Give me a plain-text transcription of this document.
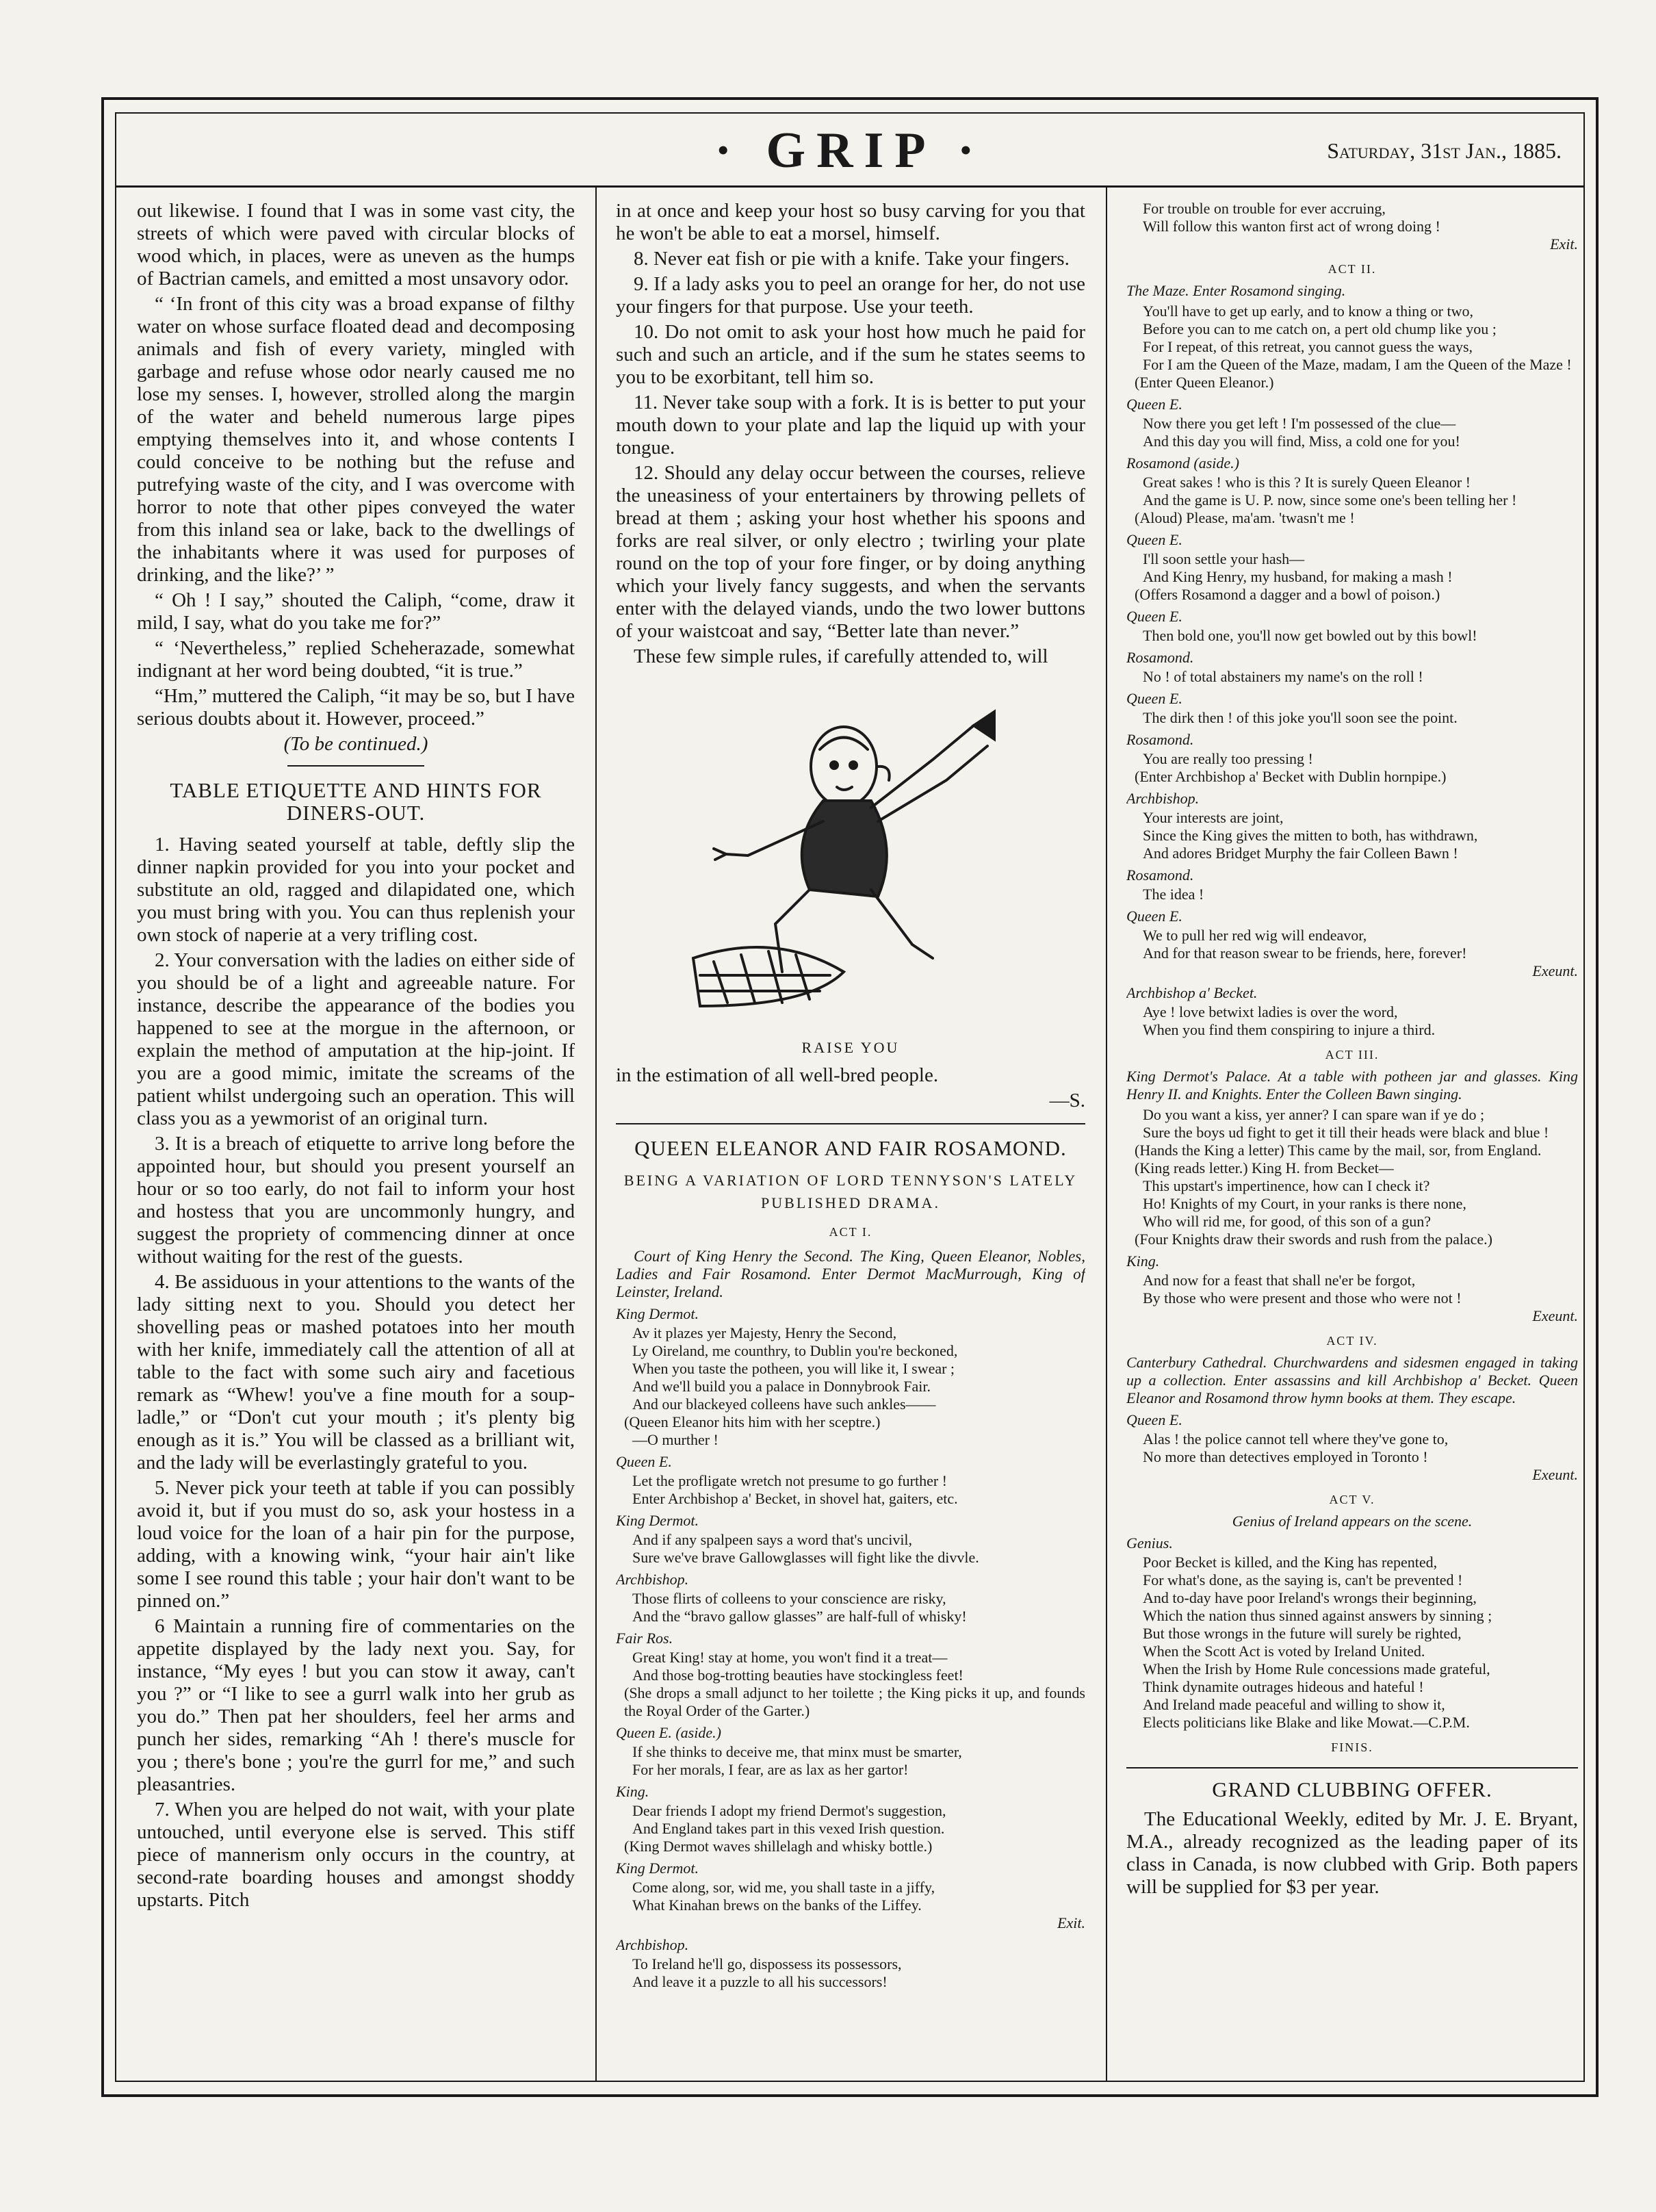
· GRIP ·	Saturday, 31st Jan., 1885.

out likewise. I found that I was in some vast city, the streets of which were paved with circular blocks of wood which, in places, were as uneven as the humps of Bactrian camels, and emitted a most unsavory odor.

“ ‘In front of this city was a broad expanse of filthy water on whose surface floated dead and decomposing animals and fish of every variety, mingled with garbage and refuse whose odor nearly caused me no lose my senses. I, however, strolled along the margin of the water and beheld numerous large pipes emptying themselves into it, and whose contents I could conceive to be nothing but the refuse and putrefying waste of the city, and I was overcome with horror to note that other pipes conveyed the water from this inland sea or lake, back to the dwellings of the inhabitants where it was used for purposes of drinking, and the like?’ ”

“ Oh ! I say,” shouted the Caliph, “come, draw it mild, I say, what do you take me for?”

“ ‘Nevertheless,” replied Scheherazade, somewhat indignant at her word being doubted, “it is true.”

“Hm,” muttered the Caliph, “it may be so, but I have serious doubts about it. However, proceed.”

(To be continued.)

TABLE ETIQUETTE AND HINTS FOR DINERS-OUT.

1. Having seated yourself at table, deftly slip the dinner napkin provided for you into your pocket and substitute an old, ragged and dilapidated one, which you must bring with you. You can thus replenish your own stock of naperie at a very trifling cost.

2. Your conversation with the ladies on either side of you should be of a light and agreeable nature. For instance, describe the appearance of the bodies you happened to see at the morgue in the afternoon, or explain the method of amputation at the hip-joint. If you are a good mimic, imitate the screams of the patient whilst undergoing such an operation. This will class you as a yewmorist of an original turn.

3. It is a breach of etiquette to arrive long before the appointed hour, but should you present yourself an hour or so too early, do not fail to inform your host and hostess that you are uncommonly hungry, and suggest the propriety of commencing dinner at once without waiting for the rest of the guests.

4. Be assiduous in your attentions to the wants of the lady sitting next to you. Should you detect her shovelling peas or mashed potatoes into her mouth with her knife, immediately call the attention of all at table to the fact with some such airy and facetious remark as “Whew! you've a fine mouth for a soup-ladle,” or “Don't cut your mouth ; it's plenty big enough as it is.” You will be classed as a brilliant wit, and the lady will be everlastingly grateful to you.

5. Never pick your teeth at table if you can possibly avoid it, but if you must do so, ask your hostess in a loud voice for the loan of a hair pin for the purpose, adding, with a knowing wink, “your hair ain't like some I see round this table ; your hair don't want to be pinned on.”

6 Maintain a running fire of commentaries on the appetite displayed by the lady next you. Say, for instance, “My eyes ! but you can stow it away, can't you ?” or “I like to see a gurrl walk into her grub as you do.” Then pat her shoulders, feel her arms and punch her sides, remarking “Ah ! there's muscle for you ; there's bone ; you're the gurrl for me,” and such pleasantries.

7. When you are helped do not wait, with your plate untouched, until everyone else is served. This stiff piece of mannerism only occurs in the country, at second-rate boarding houses and amongst shoddy upstarts. Pitch

in at once and keep your host so busy carving for you that he won't be able to eat a morsel, himself.

8. Never eat fish or pie with a knife. Take your fingers.

9. If a lady asks you to peel an orange for her, do not use your fingers for that purpose. Use your teeth.

10. Do not omit to ask your host how much he paid for such and such an article, and if the sum he states seems to you to be exorbitant, tell him so.

11. Never take soup with a fork. It is is better to put your mouth down to your plate and lap the liquid up with your tongue.

12. Should any delay occur between the courses, relieve the uneasiness of your entertainers by throwing pellets of bread at them ; asking your host whether his spoons and forks are real silver, or only electro ; twirling your plate round on the top of your fore finger, or by doing anything which your lively fancy suggests, and when the servants enter with the delayed viands, undo the two lower buttons of your waistcoat and say, “Better late than never.”

These few simple rules, if carefully attended to, will

RAISE YOU

in the estimation of all well-bred people.

—S.

QUEEN ELEANOR AND FAIR ROSAMOND.
BEING A VARIATION OF LORD TENNYSON'S LATELY PUBLISHED DRAMA.
ACT I.

Court of King Henry the Second. The King, Queen Eleanor, Nobles, Ladies and Fair Rosamond. Enter Dermot MacMurrough, King of Leinster, Ireland.

King Dermot.
Av it plazes yer Majesty, Henry the Second,
Ly Oireland, me counthry, to Dublin you're beckoned,
When you taste the potheen, you will like it, I swear ;
And we'll build you a palace in Donnybrook Fair.
And our blackeyed colleens have such ankles——
(Queen Eleanor hits him with her sceptre.)
—O murther !
Queen E.
Let the profligate wretch not presume to go further !
Enter Archbishop a' Becket, in shovel hat, gaiters, etc.
King Dermot.
And if any spalpeen says a word that's uncivil,
Sure we've brave Gallowglasses will fight like the divvle.
Archbishop.
Those flirts of colleens to your conscience are risky,
And the “bravo gallow glasses” are half-full of whisky!
Fair Ros.
Great King! stay at home, you won't find it a treat—
And those bog-trotting beauties have stockingless feet!
(She drops a small adjunct to her toilette ; the King picks it up, and founds the Royal Order of the Garter.)
Queen E. (aside.)
If she thinks to deceive me, that minx must be smarter,
For her morals, I fear, are as lax as her gartor!
King.
Dear friends I adopt my friend Dermot's suggestion,
And England takes part in this vexed Irish question.
(King Dermot waves shillelagh and whisky bottle.)
King Dermot.
Come along, sor, wid me, you shall taste in a jiffy,
What Kinahan brews on the banks of the Liffey.
Exit.
Archbishop.
To Ireland he'll go, dispossess its possessors,
And leave it a puzzle to all his successors!
For trouble on trouble for ever accruing,
Will follow this wanton first act of wrong doing !
Exit.
ACT II.

The Maze. Enter Rosamond singing.

You'll have to get up early, and to know a thing or two,
Before you can to me catch on, a pert old chump like you ;
For I repeat, of this retreat, you cannot guess the ways,
For I am the Queen of the Maze, madam, I am the Queen of the Maze !
(Enter Queen Eleanor.)
Queen E.
Now there you get left ! I'm possessed of the clue—
And this day you will find, Miss, a cold one for you!
Rosamond (aside.)
Great sakes ! who is this ? It is surely Queen Eleanor !
And the game is U. P. now, since some one's been telling her !
(Aloud) Please, ma'am. 'twasn't me !
Queen E.
I'll soon settle your hash—
And King Henry, my husband, for making a mash !
(Offers Rosamond a dagger and a bowl of poison.)
Queen E.
Then bold one, you'll now get bowled out by this bowl!
Rosamond.
No ! of total abstainers my name's on the roll !
Queen E.
The dirk then ! of this joke you'll soon see the point.
Rosamond.
You are really too pressing !
(Enter Archbishop a' Becket with Dublin hornpipe.)
Archbishop.
Your interests are joint,
Since the King gives the mitten to both, has withdrawn,
And adores Bridget Murphy the fair Colleen Bawn !
Rosamond.
The idea !
Queen E.
We to pull her red wig will endeavor,
And for that reason swear to be friends, here, forever!
Exeunt.
Archbishop a' Becket.
Aye ! love betwixt ladies is over the word,
When you find them conspiring to injure a third.
ACT III.

King Dermot's Palace. At a table with potheen jar and glasses. King Henry II. and Knights. Enter the Colleen Bawn singing.

Do you want a kiss, yer anner? I can spare wan if ye do ;
Sure the boys ud fight to get it till their heads were black and blue !
(Hands the King a letter) This came by the mail, sor, from England.
(King reads letter.) King H. from Becket—
This upstart's impertinence, how can I check it?
Ho! Knights of my Court, in your ranks is there none,
Who will rid me, for good, of this son of a gun?
(Four Knights draw their swords and rush from the palace.)
King.
And now for a feast that shall ne'er be forgot,
By those who were present and those who were not !
Exeunt.
ACT IV.

Canterbury Cathedral. Churchwardens and sidesmen engaged in taking up a collection. Enter assassins and kill Archbishop a' Becket. Queen Eleanor and Rosamond throw hymn books at them. They escape.

Queen E.
Alas ! the police cannot tell where they've gone to,
No more than detectives employed in Toronto !
Exeunt.
ACT V.

Genius of Ireland appears on the scene.

Genius.
Poor Becket is killed, and the King has repented,
For what's done, as the saying is, can't be prevented !
And to-day have poor Ireland's wrongs their beginning,
Which the nation thus sinned against answers by sinning ;
But those wrongs in the future will surely be righted,
When the Scott Act is voted by Ireland United.
When the Irish by Home Rule concessions made grateful,
Think dynamite outrages hideous and hateful !
And Ireland made peaceful and willing to show it,
Elects politicians like Blake and like Mowat.—C.P.M.
FINIS.
GRAND CLUBBING OFFER.

The Educational Weekly, edited by Mr. J. E. Bryant, M.A., already recognized as the leading paper of its class in Canada, is now clubbed with Grip. Both papers will be supplied for $3 per year.
